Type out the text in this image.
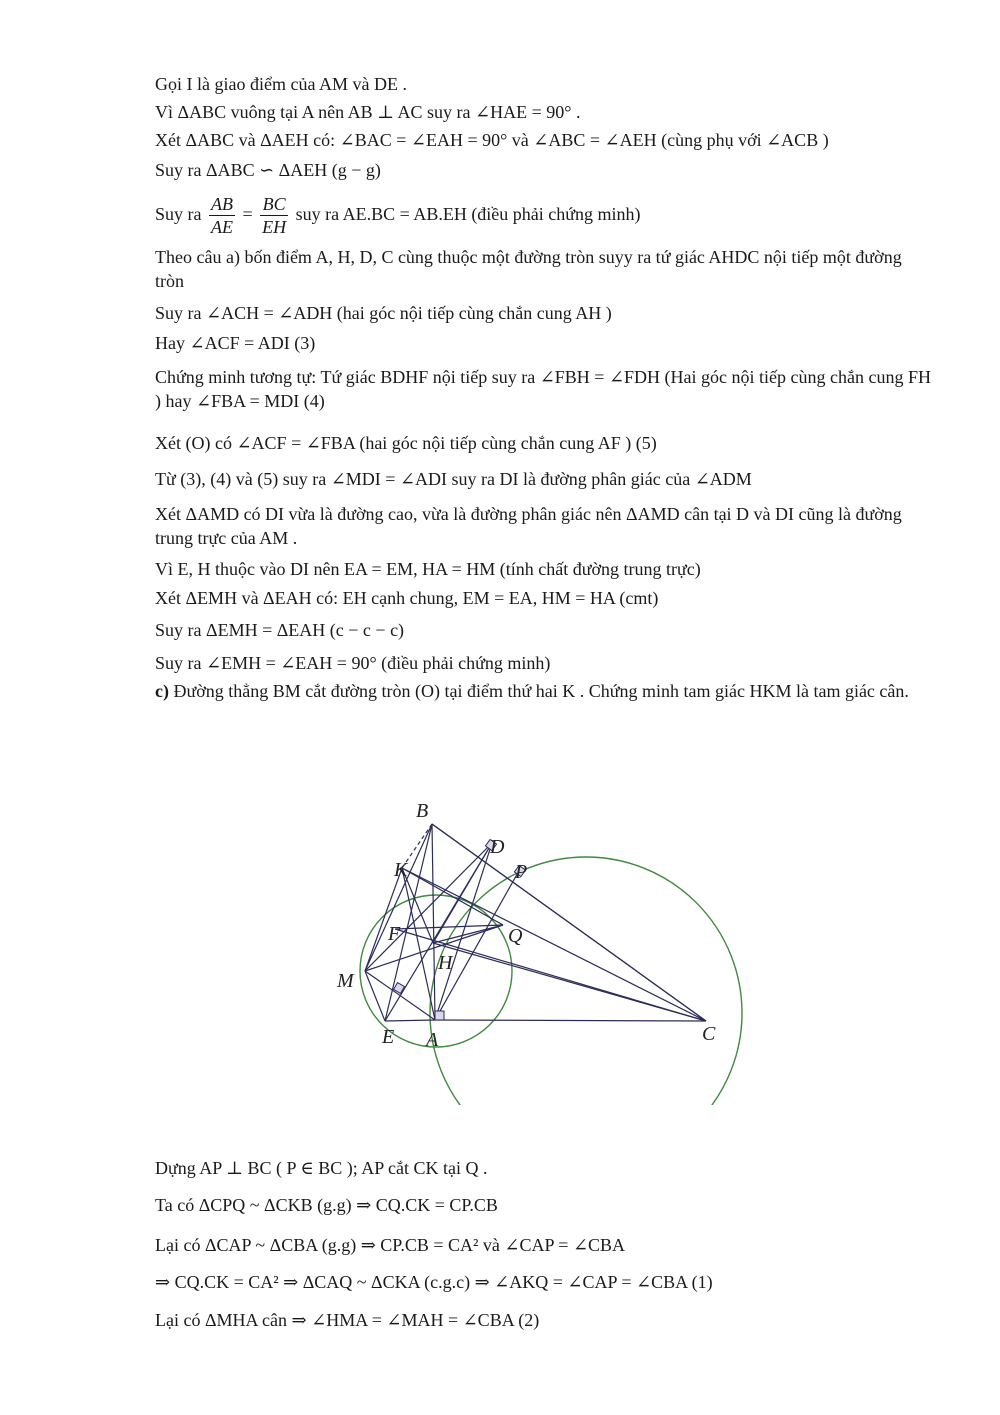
Gọi I là giao điểm của AM và DE .
Vì ΔABC vuông tại A nên AB ⊥ AC suy ra ∠HAE = 90° .
Xét ΔABC và ΔAEH có: ∠BAC = ∠EAH = 90° và ∠ABC = ∠AEH (cùng phụ với ∠ACB )
Suy ra ΔABC ∽ ΔAEH (g − g)
Suy ra $\frac{AB}{AE} = \frac{BC}{EH}$ suy ra AE.BC = AB.EH (điều phải chứng minh)
Theo câu a) bốn điểm A, H, D, C cùng thuộc một đường tròn suyy ra tứ giác AHDC nội tiếp một đường tròn
Suy ra ∠ACH = ∠ADH (hai góc nội tiếp cùng chắn cung AH )
Hay ∠ACF = ADI (3)
Chứng minh tương tự: Tứ giác BDHF nội tiếp suy ra ∠FBH = ∠FDH (Hai góc nội tiếp cùng chắn cung FH ) hay ∠FBA = MDI (4)
Xét (O) có ∠ACF = ∠FBA (hai góc nội tiếp cùng chắn cung AF ) (5)
Từ (3), (4) và (5) suy ra ∠MDI = ∠ADI suy ra DI là đường phân giác của ∠ADM
Xét ΔAMD có DI vừa là đường cao, vừa là đường phân giác nên ΔAMD cân tại D và DI cũng là đường trung trực của AM .
Vì E, H thuộc vào DI nên EA = EM, HA = HM (tính chất đường trung trực)
Xét ΔEMH và ΔEAH có: EH cạnh chung, EM = EA, HM = HA (cmt)
Suy ra ΔEMH = ΔEAH (c − c − c)
Suy ra ∠EMH = ∠EAH = 90° (điều phải chứng minh)
c) Đường thẳng BM cắt đường tròn (O) tại điểm thứ hai K . Chứng minh tam giác HKM là tam giác cân.
B
D
P
K
F	Q
H
M
E A	C
Dựng AP ⊥ BC ( P ∈ BC ); AP cắt CK tại Q .
Ta có ΔCPQ ~ ΔCKB (g.g) ⇒ CQ.CK = CP.CB
Lại có ΔCAP ~ ΔCBA (g.g) ⇒ CP.CB = CA² và ∠CAP = ∠CBA
⇒ CQ.CK = CA² ⇒ ΔCAQ ~ ΔCKA (c.g.c) ⇒ ∠AKQ = ∠CAP = ∠CBA (1)
Lại có ΔMHA cân ⇒ ∠HMA = ∠MAH = ∠CBA (2)
